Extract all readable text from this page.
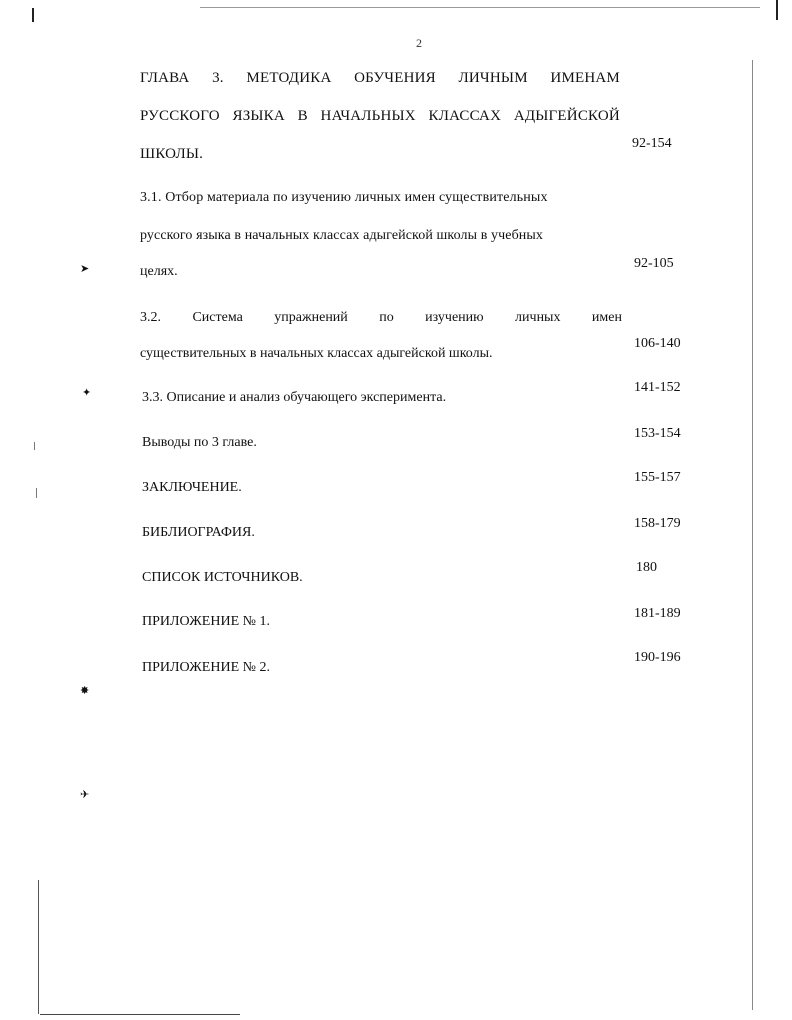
➤
✦
✸
✈
2
ГЛАВА 3. МЕТОДИКА ОБУЧЕНИЯ ЛИЧНЫМ ИМЕНАМ
РУССКОГО ЯЗЫКА В НАЧАЛЬНЫХ КЛАССАХ АДЫГЕЙСКОЙ
ШКОЛЫ.
92-154
3.1. Отбор материала по изучению личных имен существительных
русского языка в начальных классах адыгейской школы в учебных
целях.
92-105
3.2. Система упражнений по изучению личных имен
существительных в начальных классах адыгейской школы.
106-140
3.3. Описание и анализ обучающего эксперимента.
141-152
Выводы по 3 главе.
153-154
ЗАКЛЮЧЕНИЕ.
155-157
БИБЛИОГРАФИЯ.
158-179
СПИСОК ИСТОЧНИКОВ.
180
ПРИЛОЖЕНИЕ № 1.
181-189
ПРИЛОЖЕНИЕ № 2.
190-196
